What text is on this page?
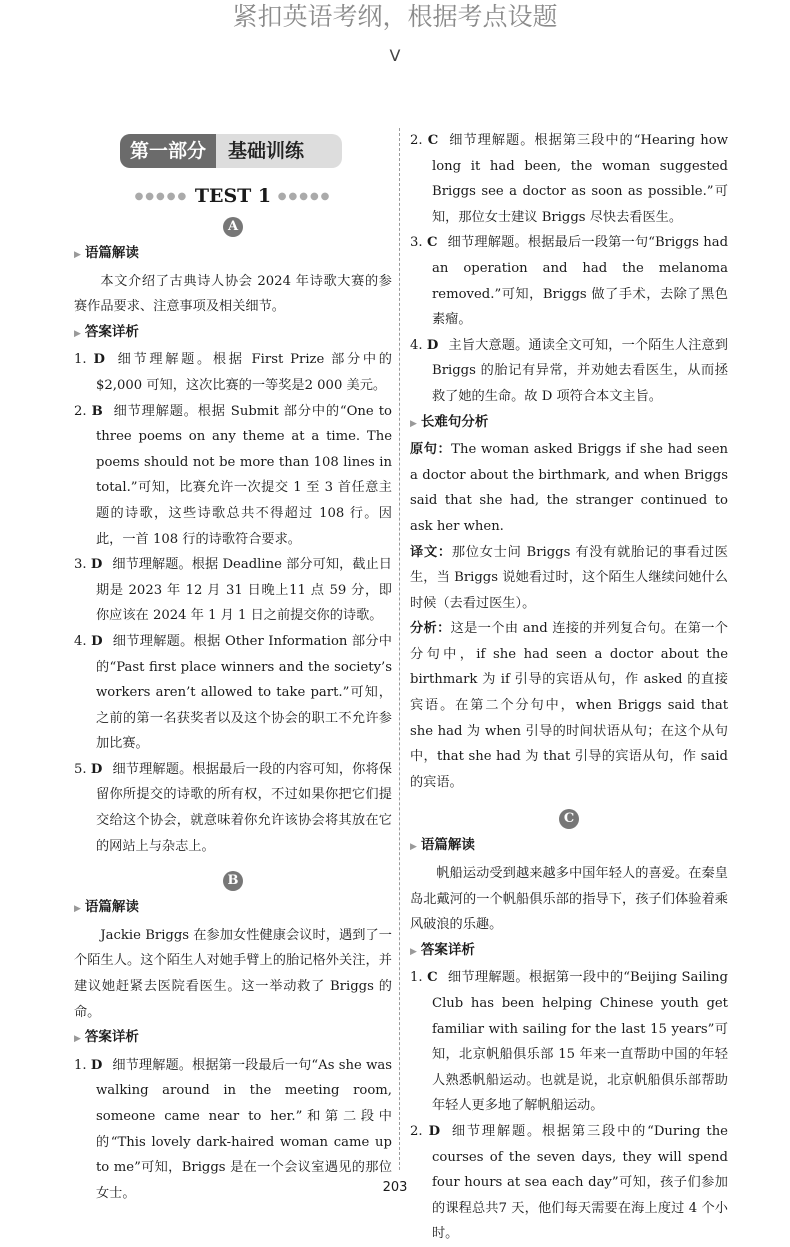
紧扣英语考纲，根据考点设题
V
第一部分	基础训练
●●●●● TEST 1 ●●●●●
A
▶ 语篇解读
本文介绍了古典诗人协会 2024 年诗歌大赛的参赛作品要求、注意事项及相关细节。
▶ 答案详析
1. D 细节理解题。根据 First Prize 部分中的 $2,000 可知，这次比赛的一等奖是2 000 美元。
2. B 细节理解题。根据 Submit 部分中的“One to three poems on any theme at a time. The poems should not be more than 108 lines in total.”可知，比赛允许一次提交 1 至 3 首任意主题的诗歌，这些诗歌总共不得超过 108 行。因此，一首 108 行的诗歌符合要求。
3. D 细节理解题。根据 Deadline 部分可知，截止日期是 2023 年 12 月 31 日晚上11 点 59 分，即你应该在 2024 年 1 月 1 日之前提交你的诗歌。
4. D 细节理解题。根据 Other Information 部分中的“Past first place winners and the society’s workers aren’t allowed to take part.”可知，之前的第一名获奖者以及这个协会的职工不允许参加比赛。
5. D 细节理解题。根据最后一段的内容可知，你将保留你所提交的诗歌的所有权，不过如果你把它们提交给这个协会，就意味着你允许该协会将其放在它的网站上与杂志上。
B
▶ 语篇解读
Jackie Briggs 在参加女性健康会议时，遇到了一个陌生人。这个陌生人对她手臂上的胎记格外关注，并建议她赶紧去医院看医生。这一举动救了 Briggs 的命。
▶ 答案详析
1. D 细节理解题。根据第一段最后一句“As she was walking around in the meeting room, someone came near to her.”和第二段中的“This lovely dark-haired woman came up to me”可知，Briggs 是在一个会议室遇见的那位女士。
2. C 细节理解题。根据第三段中的“Hearing how long it had been, the woman suggested Briggs see a doctor as soon as possible.”可知，那位女士建议 Briggs 尽快去看医生。
3. C 细节理解题。根据最后一段第一句“Briggs had an operation and had the melanoma removed.”可知，Briggs 做了手术，去除了黑色素瘤。
4. D 主旨大意题。通读全文可知，一个陌生人注意到 Briggs 的胎记有异常，并劝她去看医生，从而拯救了她的生命。故 D 项符合本文主旨。
▶ 长难句分析
原句：The woman asked Briggs if she had seen a doctor about the birthmark, and when Briggs said that she had, the stranger continued to ask her when.
译文：那位女士问 Briggs 有没有就胎记的事看过医生，当 Briggs 说她看过时，这个陌生人继续问她什么时候（去看过医生）。
分析：这是一个由 and 连接的并列复合句。在第一个分句中，if she had seen a doctor about the birthmark 为 if 引导的宾语从句，作 asked 的直接宾语。在第二个分句中，when Briggs said that she had 为 when 引导的时间状语从句；在这个从句中，that she had 为 that 引导的宾语从句，作 said 的宾语。
C
▶ 语篇解读
帆船运动受到越来越多中国年轻人的喜爱。在秦皇岛北戴河的一个帆船俱乐部的指导下，孩子们体验着乘风破浪的乐趣。
▶ 答案详析
1. C 细节理解题。根据第一段中的“Beijing Sailing Club has been helping Chinese youth get familiar with sailing for the last 15 years”可知，北京帆船俱乐部 15 年来一直帮助中国的年轻人熟悉帆船运动。也就是说，北京帆船俱乐部帮助年轻人更多地了解帆船运动。
2. D 细节理解题。根据第三段中的“During the courses of the seven days, they will spend four hours at sea each day”可知，孩子们参加的课程总共7 天，他们每天需要在海上度过 4 个小时。
203
